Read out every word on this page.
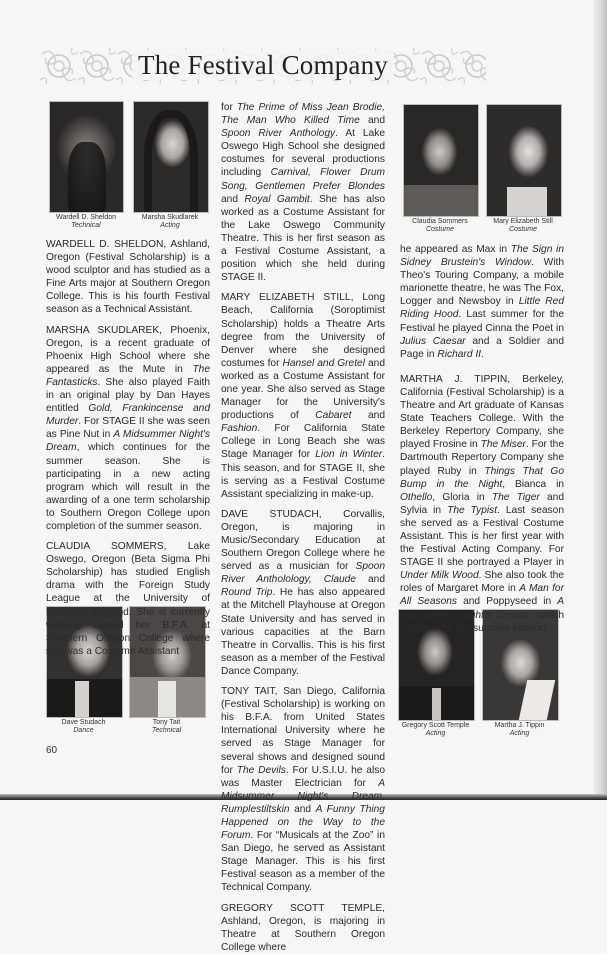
The Festival Company
Wardell D. Sheldon
Technical
Marsha Skudlarek
Acting
Claudia Sommers
Costume
Mary Elizabeth Still
Costume
Dave Studach
Dance
Tony Tait
Technical
Gregory Scott Temple
Acting
Martha J. Tippin
Acting

WARDELL D. SHELDON, Ashland, Oregon (Festival Scholarship) is a wood sculptor and has studied as a Fine Arts major at Southern Oregon College. This is his fourth Festival season as a Technical Assistant.

MARSHA SKUDLAREK, Phoenix, Oregon, is a recent graduate of Phoenix High School where she appeared as the Mute in The Fantasticks. She also played Faith in an original play by Dan Hayes entitled Gold, Frankincense and Murder. For STAGE II she was seen as Pine Nut in A Midsummer Night's Dream, which continues for the summer season. She is participating in a new acting program which will result in the awarding of a one term scholarship to Southern Oregon College upon completion of the summer season.

CLAUDIA SOMMERS, Lake Oswego, Oregon (Beta Sigma Phi Scholarship) has studied English drama with the Foreign Study League at the University of Reading, England. She is currently working toward her B.F.A. at Southern Oregon College where she was a Costume Assistant

for The Prime of Miss Jean Brodie, The Man Who Killed Time and Spoon River Anthology. At Lake Oswego High School she designed costumes for several productions including Carnival, Flower Drum Song, Gentlemen Prefer Blondes and Royal Gambit. She has also worked as a Costume Assistant for the Lake Oswego Community Theatre. This is her first season as a Festival Costume Assistant, a position which she held during STAGE II.

MARY ELIZABETH STILL, Long Beach, California (Soroptimist Scholarship) holds a Theatre Arts degree from the University of Denver where she designed costumes for Hansel and Gretel and worked as a Costume Assistant for one year. She also served as Stage Manager for the University's productions of Cabaret and Fashion. For California State College in Long Beach she was Stage Manager for Lion in Winter. This season, and for STAGE II, she is serving as a Festival Costume Assistant specializing in make-up.

DAVE STUDACH, Corvallis, Oregon, is majoring in Music/Secondary Education at Southern Oregon College where he served as a musician for Spoon River Antholology, Claude and Round Trip. He has also appeared at the Mitchell Playhouse at Oregon State University and has served in various capacities at the Barn Theatre in Corvallis. This is his first season as a member of the Festival Dance Company.

TONY TAIT, San Diego, California (Festival Scholarship) is working on his B.F.A. from United States International University where he served as Stage Manager for several shows and designed sound for The Devils. For U.S.I.U. he also was Master Electrician for A Midsummer Night's Dream, Rumplestiltskin and A Funny Thing Happened on the Way to the Forum. For “Musicals at the Zoo” in San Diego, he served as Assistant Stage Manager. This is his first Festival season as a member of the Technical Company.

GREGORY SCOTT TEMPLE, Ashland, Oregon, is majoring in Theatre at Southern Oregon College where

he appeared as Max in The Sign in Sidney Brustein's Window. With Theo's Touring Company, a mobile marionette theatre, he was The Fox, Logger and Newsboy in Little Red Riding Hood. Last summer for the Festival he played Cinna the Poet in Julius Caesar and a Soldier and Page in Richard II.

MARTHA J. TIPPIN, Berkeley, California (Festival Scholarship) is a Theatre and Art graduate of Kansas State Teachers College. With the Berkeley Repertory Company, she played Frosine in The Miser. For the Dartmouth Repertory Company she played Ruby in Things That Go Bump in the Night, Bianca in Othello, Gloria in The Tiger and Sylvia in The Typist. Last season she served as a Festival Costume Assistant. This is her first year with the Festival Acting Company. For STAGE II she portrayed a Player in Under Milk Wood. She also took the roles of Margaret More in A Man for All Seasons and Poppyseed in A Midsummer Night's Dream, which continue for the summer season.

60
